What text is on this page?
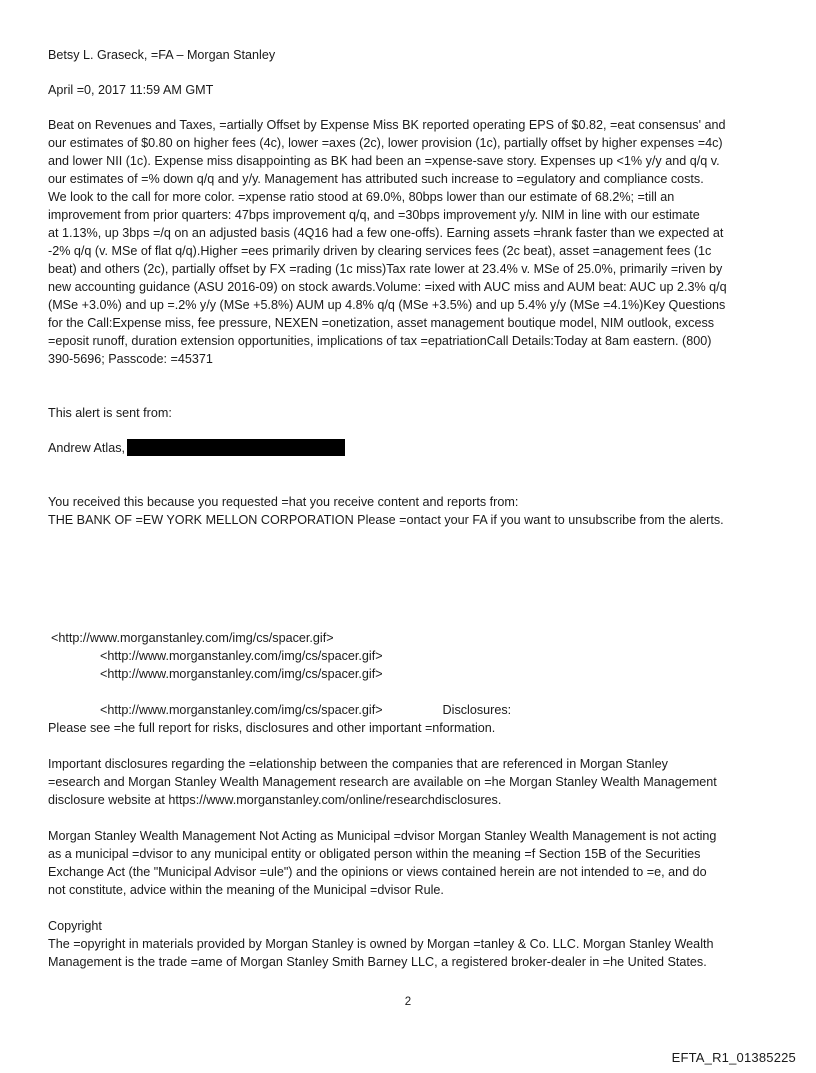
Betsy L. Graseck, =FA – Morgan Stanley

April =0, 2017 11:59 AM GMT

Beat on Revenues and Taxes, =artially Offset by Expense Miss BK reported operating EPS of $0.82, =eat consensus' and

our estimates of $0.80 on higher fees (4c), lower =axes (2c), lower provision (1c), partially offset by higher expenses =4c)

and lower NII (1c). Expense miss disappointing as BK had been an =xpense-save story. Expenses up <1% y/y and q/q v.

our estimates of =% down q/q and y/y. Management has attributed such increase to =egulatory and compliance costs.

We look to the call for more color. =xpense ratio stood at 69.0%, 80bps lower than our estimate of 68.2%; =till an

improvement from prior quarters: 47bps improvement q/q, and =30bps improvement y/y. NIM in line with our estimate

at 1.13%, up 3bps =/q on an adjusted basis (4Q16 had a few one-offs). Earning assets =hrank faster than we expected at

-2% q/q (v. MSe of flat q/q).Higher =ees primarily driven by clearing services fees (2c beat), asset =anagement fees (1c

beat) and others (2c), partially offset by FX =rading (1c miss)Tax rate lower at 23.4% v. MSe of 25.0%, primarily =riven by

new accounting guidance (ASU 2016-09) on stock awards.Volume: =ixed with AUC miss and AUM beat: AUC up 2.3% q/q

(MSe +3.0%) and up =.2% y/y (MSe +5.8%) AUM up 4.8% q/q (MSe +3.5%) and up 5.4% y/y (MSe =4.1%)Key Questions

for the Call:Expense miss, fee pressure, NEXEN =onetization, asset management boutique model, NIM outlook, excess

=eposit runoff, duration extension opportunities, implications of tax =epatriationCall Details:Today at 8am eastern. (800)

390-5696; Passcode: =45371

This alert is sent from:

Andrew Atlas,

You received this because you requested =hat you receive content and reports from:

THE BANK OF =EW YORK MELLON CORPORATION Please =ontact your FA if you want to unsubscribe from the alerts.

<http://www.morganstanley.com/img/cs/spacer.gif>

<http://www.morganstanley.com/img/cs/spacer.gif>

<http://www.morganstanley.com/img/cs/spacer.gif>

<http://www.morganstanley.com/img/cs/spacer.gif>	Disclosures:

Please see =he full report for risks, disclosures and other important =nformation.

Important disclosures regarding the =elationship between the companies that are referenced in Morgan Stanley

=esearch and Morgan Stanley Wealth Management research are available on =he Morgan Stanley Wealth Management

disclosure website at https://www.morganstanley.com/online/researchdisclosures.

Morgan Stanley Wealth Management Not Acting as Municipal =dvisor Morgan Stanley Wealth Management is not acting

as a municipal =dvisor to any municipal entity or obligated person within the meaning =f Section 15B of the Securities

Exchange Act (the "Municipal Advisor =ule") and the opinions or views contained herein are not intended to =e, and do

not constitute, advice within the meaning of the Municipal =dvisor Rule.

Copyright

The =opyright in materials provided by Morgan Stanley is owned by Morgan =tanley & Co. LLC. Morgan Stanley Wealth

Management is the trade =ame of Morgan Stanley Smith Barney LLC, a registered broker-dealer in =he United States.

2
EFTA_R1_01385225
